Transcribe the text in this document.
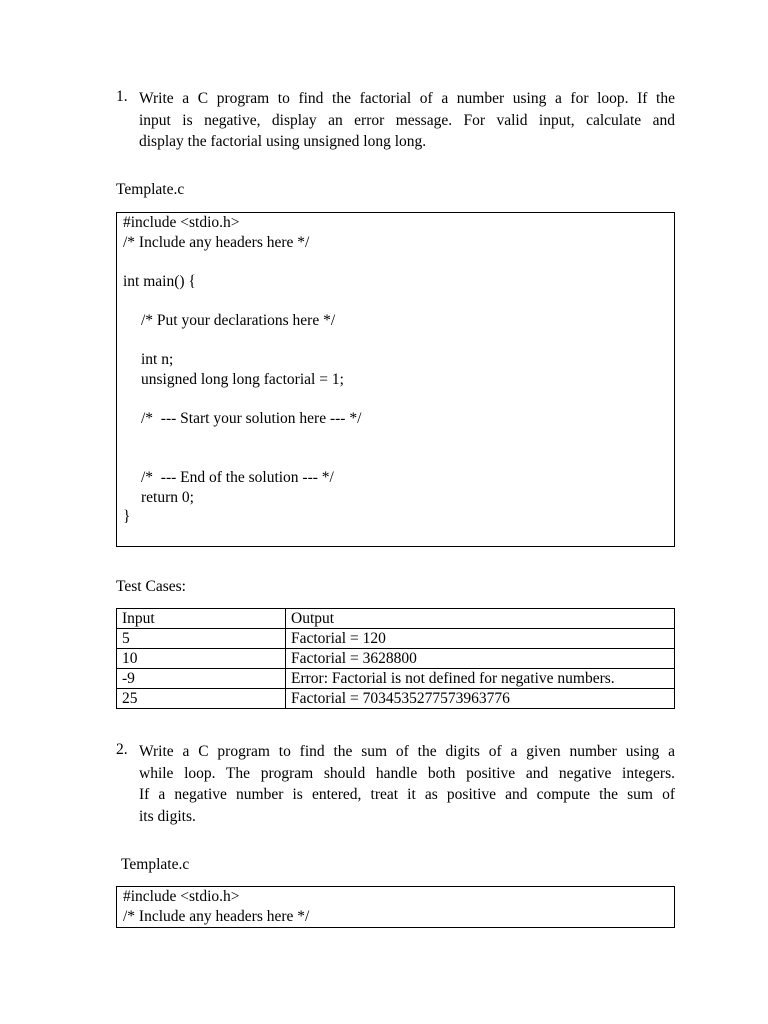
1. Write a C program to find the factorial of a number using a for loop. If the
input is negative, display an error message. For valid input, calculate and
display the factorial using unsigned long long.
Template.c
#include <stdio.h>
/* Include any headers here */
int main() {
/* Put your declarations here */
int n;
unsigned long long factorial = 1;
/*  --- Start your solution here --- */
/*  --- End of the solution --- */
return 0;
}
Test Cases:
Input	Output
5	Factorial = 120
10	Factorial = 3628800
-9	Error: Factorial is not defined for negative numbers.
25	Factorial = 7034535277573963776
2. Write a C program to find the sum of the digits of a given number using a
while loop. The program should handle both positive and negative integers.
If a negative number is entered, treat it as positive and compute the sum of
its digits.
Template.c
#include <stdio.h>
/* Include any headers here */
